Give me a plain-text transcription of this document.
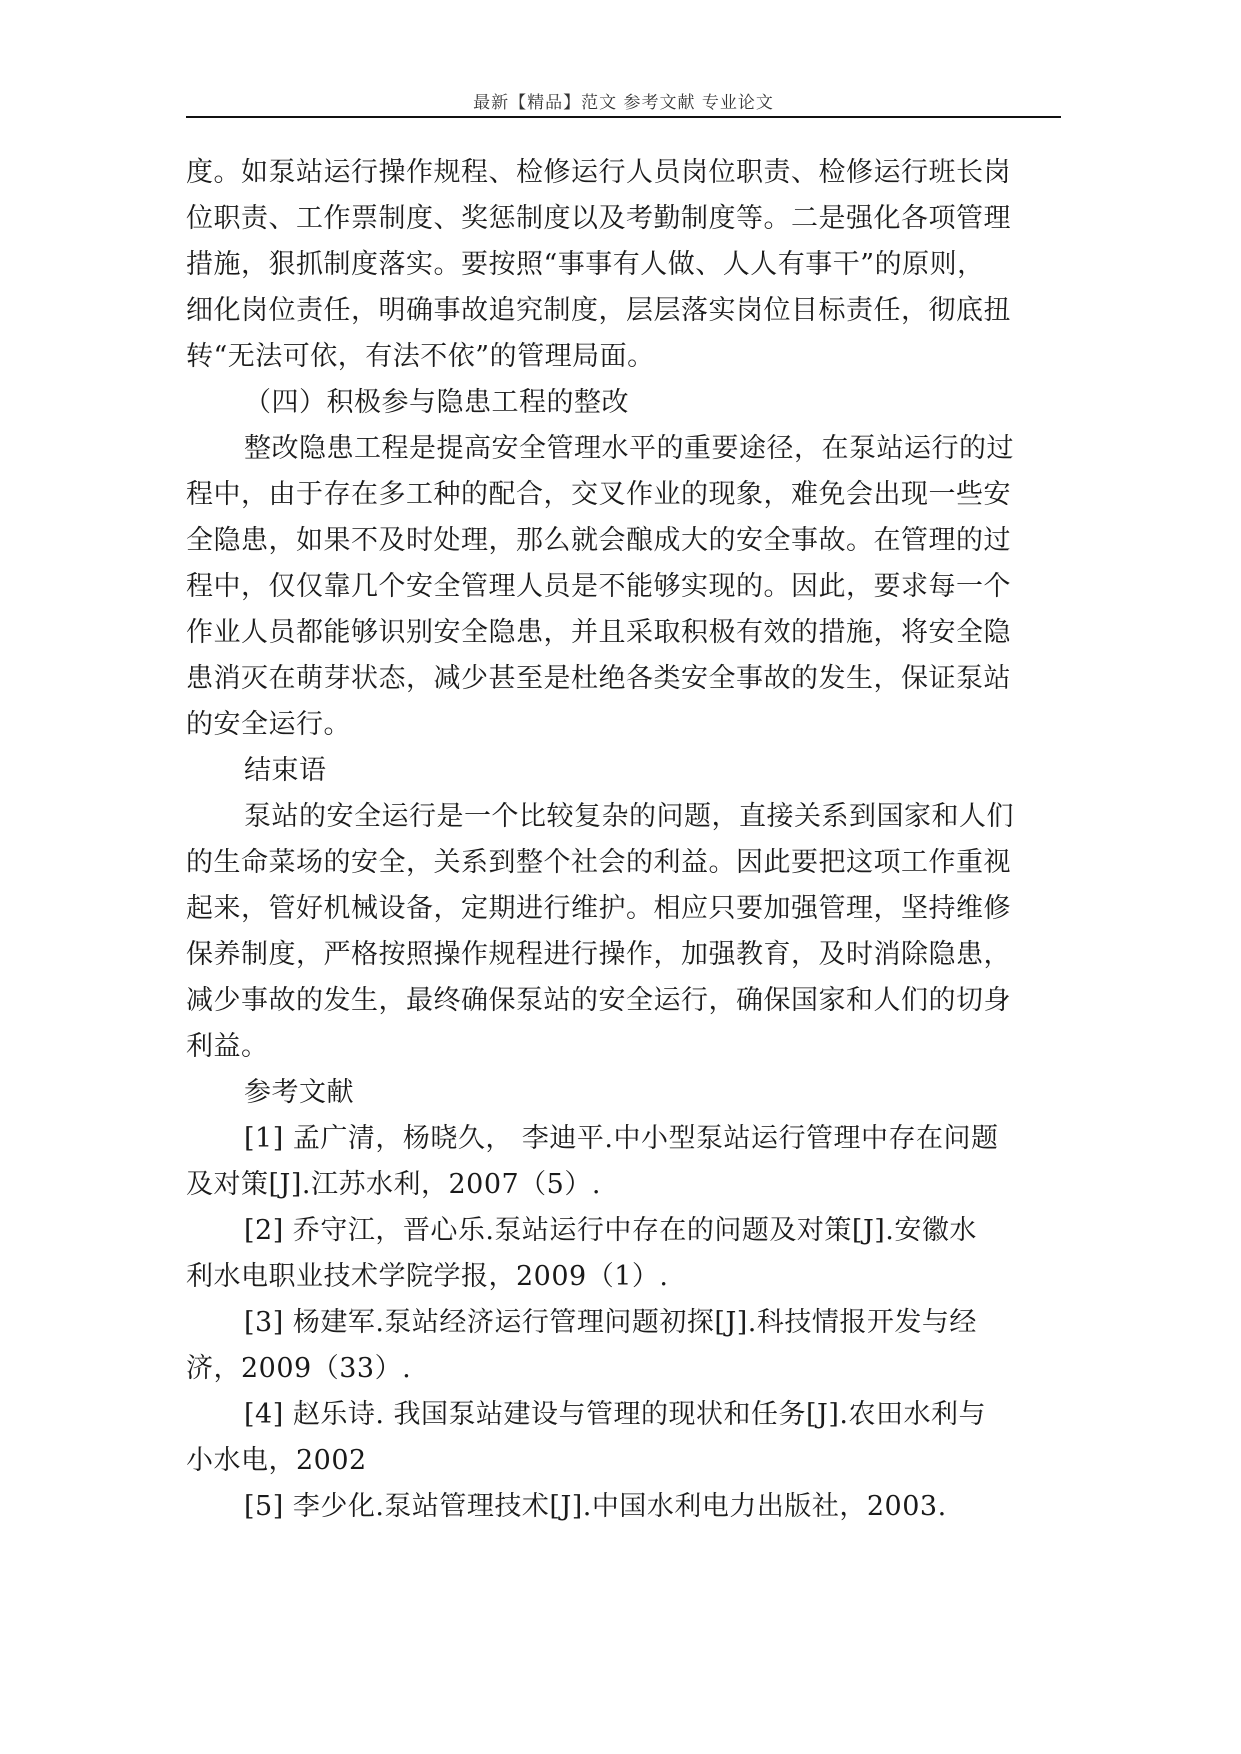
最新【精品】范文 参考文献 专业论文
度。如泵站运行操作规程、检修运行人员岗位职责、检修运行班长岗
位职责、工作票制度、奖惩制度以及考勤制度等。二是强化各项管理
措施，狠抓制度落实。要按照“事事有人做、人人有事干”的原则，
细化岗位责任，明确事故追究制度，层层落实岗位目标责任，彻底扭
转“无法可依，有法不依”的管理局面。
（四）积极参与隐患工程的整改
整改隐患工程是提高安全管理水平的重要途径，在泵站运行的过
程中，由于存在多工种的配合，交叉作业的现象，难免会出现一些安
全隐患，如果不及时处理，那么就会酿成大的安全事故。在管理的过
程中，仅仅靠几个安全管理人员是不能够实现的。因此，要求每一个
作业人员都能够识别安全隐患，并且采取积极有效的措施，将安全隐
患消灭在萌芽状态，减少甚至是杜绝各类安全事故的发生，保证泵站
的安全运行。
结束语
泵站的安全运行是一个比较复杂的问题，直接关系到国家和人们
的生命菜场的安全，关系到整个社会的利益。因此要把这项工作重视
起来，管好机械设备，定期进行维护。相应只要加强管理，坚持维修
保养制度，严格按照操作规程进行操作，加强教育，及时消除隐患，
减少事故的发生，最终确保泵站的安全运行，确保国家和人们的切身
利益。
参考文献
[1] 孟广清，杨晓久， 李迪平.中小型泵站运行管理中存在问题
及对策[J].江苏水利，2007（5）.
[2] 乔守江，晋心乐.泵站运行中存在的问题及对策[J].安徽水
利水电职业技术学院学报，2009（1）.
[3] 杨建军.泵站经济运行管理问题初探[J].科技情报开发与经
济，2009（33）.
[4] 赵乐诗. 我国泵站建设与管理的现状和任务[J].农田水利与
小水电，2002
[5] 李少化.泵站管理技术[J].中国水利电力出版社，2003.
